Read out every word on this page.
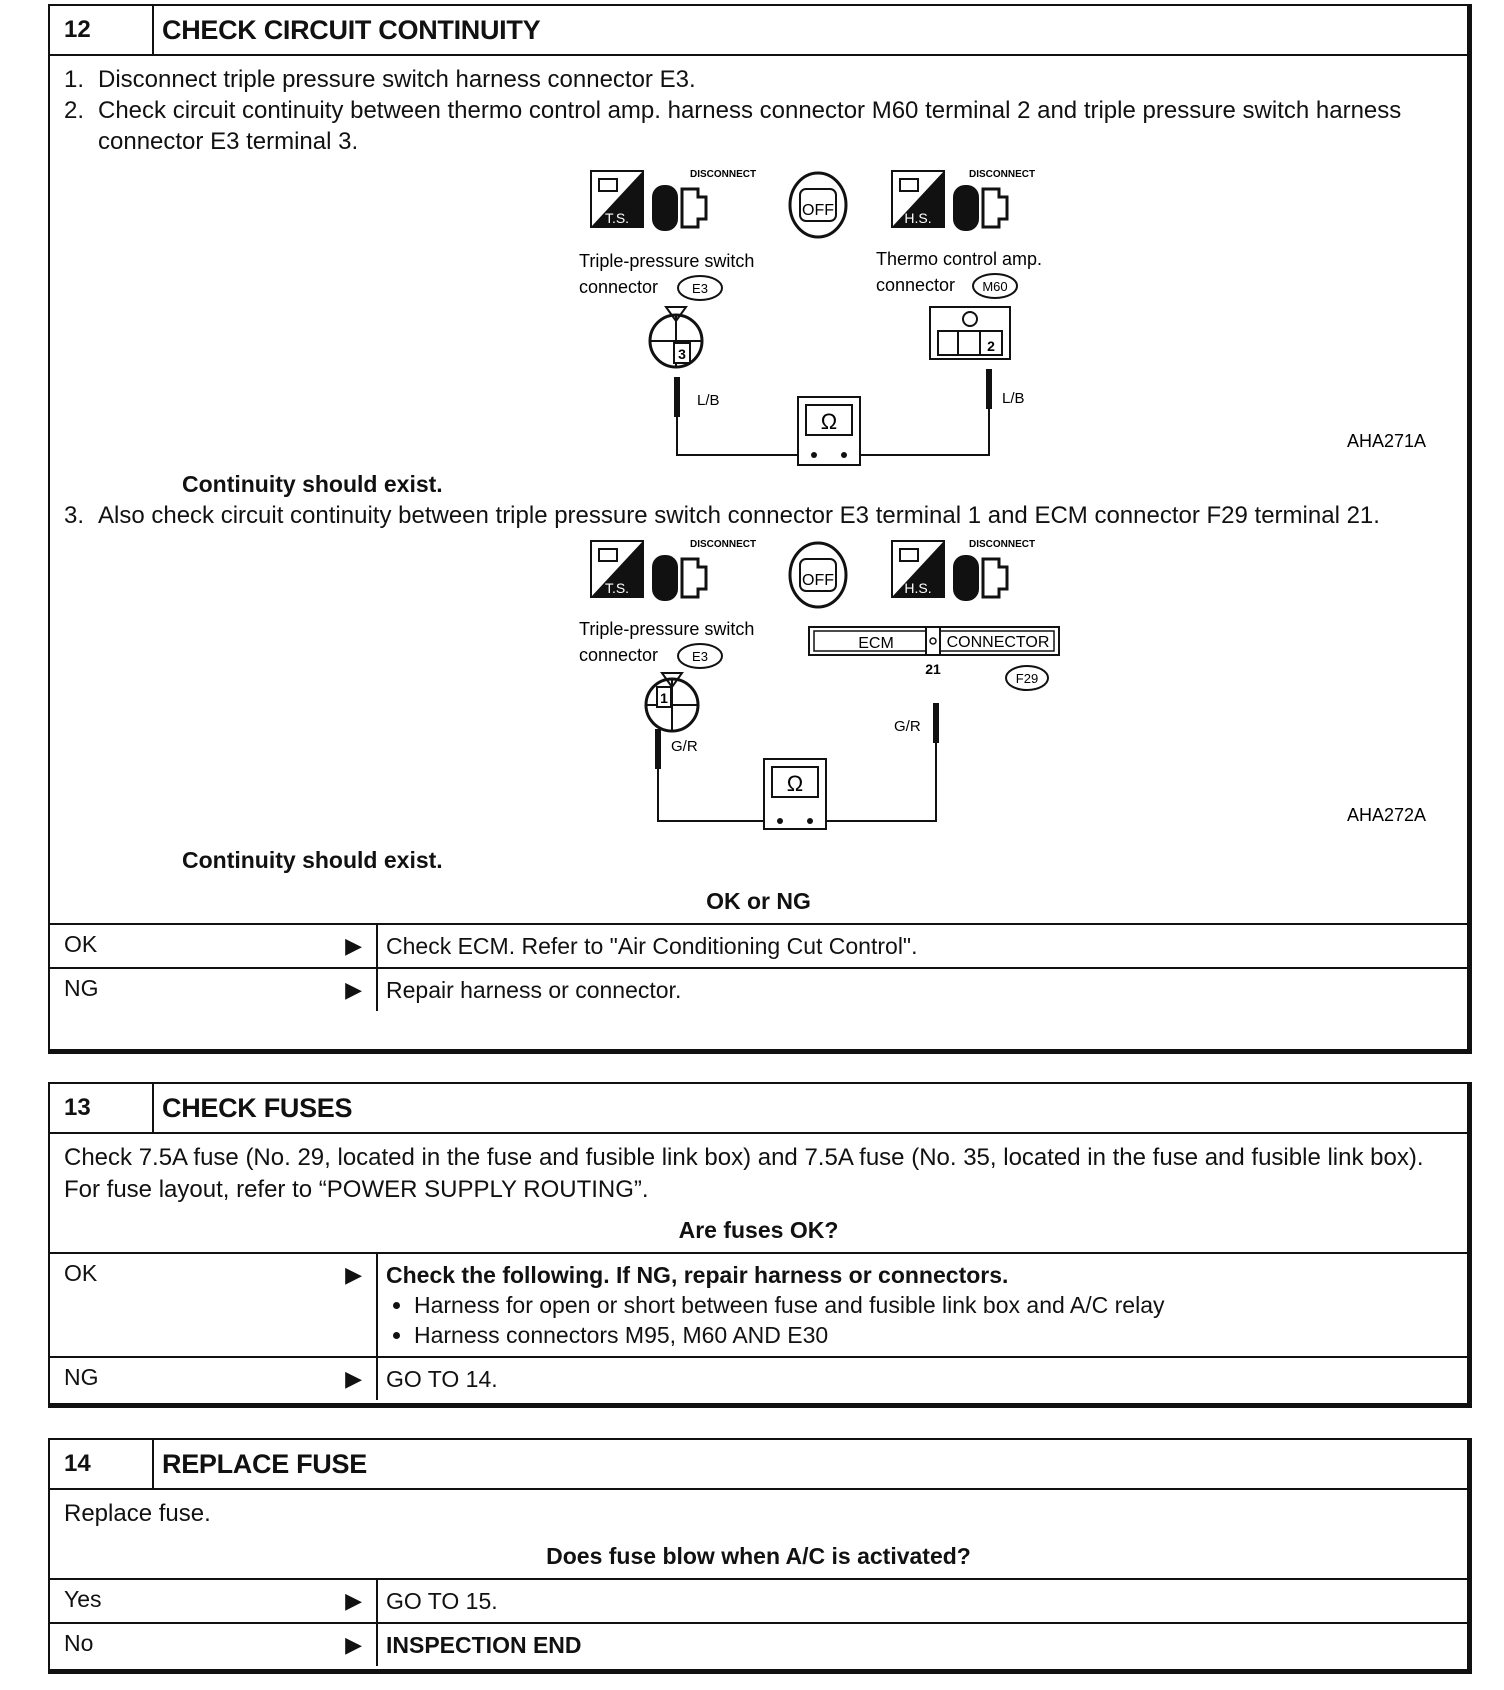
12	CHECK CIRCUIT CONTINUITY
1. Disconnect triple pressure switch harness connector E3.
2. Check circuit continuity between thermo control amp. harness connector M60 terminal 2 and triple pressure switch harness connector E3 terminal 3.
T.S.
DISCONNECT
OFF	H.S.
DISCONNECT
Triple-pressure switch
connector	E3
Thermo control amp.
connector M60
3	2
L/B	L/B
Ω
AHA271A
Continuity should exist.
3. Also check circuit continuity between triple pressure switch connector E3 terminal 1 and ECM connector F29 terminal 21.
T.S.
DISCONNECT
OFF	H.S.
DISCONNECT
Triple-pressure switch
connector	E3
ECM	CONNECTOR
21
F29
1
G/R
G/R
Ω
AHA272A
Continuity should exist.
OK or NG
OK	▶	Check ECM. Refer to "Air Conditioning Cut Control".
NG	▶	Repair harness or connector.
13	CHECK FUSES
Check 7.5A fuse (No. 29, located in the fuse and fusible link box) and 7.5A fuse (No. 35, located in the fuse and fusible link box). For fuse layout, refer to “POWER SUPPLY ROUTING”.
Are fuses OK?
OK	▶ Check the following. If NG, repair harness or connectors.
• Harness for open or short between fuse and fusible link box and A/C relay
• Harness connectors M95, M60 AND E30
NG	▶	GO TO 14.
14	REPLACE FUSE
Replace fuse.
Does fuse blow when A/C is activated?
Yes	▶	GO TO 15.
No	▶	INSPECTION END
